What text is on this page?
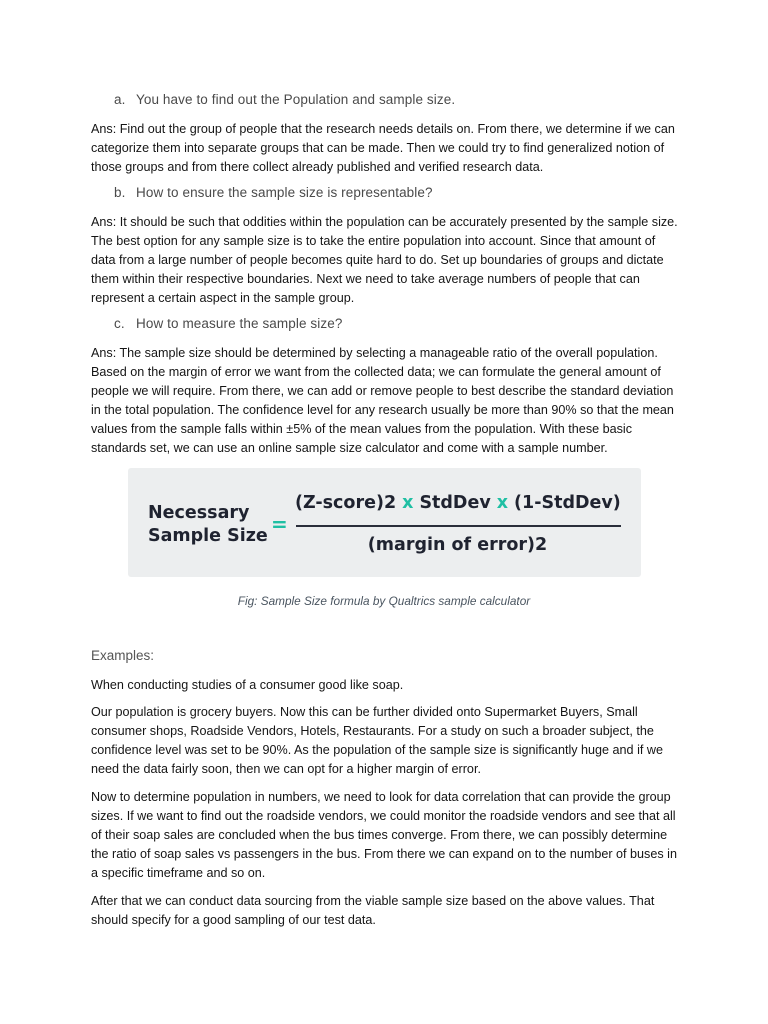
a. You have to find out the Population and sample size.
Ans: Find out the group of people that the research needs details on. From there, we determine if we can categorize them into separate groups that can be made. Then we could try to find generalized notion of those groups and from there collect already published and verified research data.
b. How to ensure the sample size is representable?
Ans: It should be such that oddities within the population can be accurately presented by the sample size. The best option for any sample size is to take the entire population into account. Since that amount of data from a large number of people becomes quite hard to do. Set up boundaries of groups and dictate them within their respective boundaries. Next we need to take average numbers of people that can represent a certain aspect in the sample group.
c. How to measure the sample size?
Ans: The sample size should be determined by selecting a manageable ratio of the overall population. Based on the margin of error we want from the collected data; we can formulate the general amount of people we will require. From there, we can add or remove people to best describe the standard deviation in the total population. The confidence level for any research usually be more than 90% so that the mean values from the sample falls within ±5% of the mean values from the population. With these basic standards set, we can use an online sample size calculator and come with a sample number.
Necessary
Sample Size =
(Z-score)2 x StdDev x (1-StdDev)
(margin of error)2
Fig: Sample Size formula by Qualtrics sample calculator
Examples:
When conducting studies of a consumer good like soap.
Our population is grocery buyers. Now this can be further divided onto Supermarket Buyers, Small consumer shops, Roadside Vendors, Hotels, Restaurants. For a study on such a broader subject, the confidence level was set to be 90%. As the population of the sample size is significantly huge and if we need the data fairly soon, then we can opt for a higher margin of error.
Now to determine population in numbers, we need to look for data correlation that can provide the group sizes. If we want to find out the roadside vendors, we could monitor the roadside vendors and see that all of their soap sales are concluded when the bus times converge. From there, we can possibly determine the ratio of soap sales vs passengers in the bus. From there we can expand on to the number of buses in a specific timeframe and so on.
After that we can conduct data sourcing from the viable sample size based on the above values. That should specify for a good sampling of our test data.
